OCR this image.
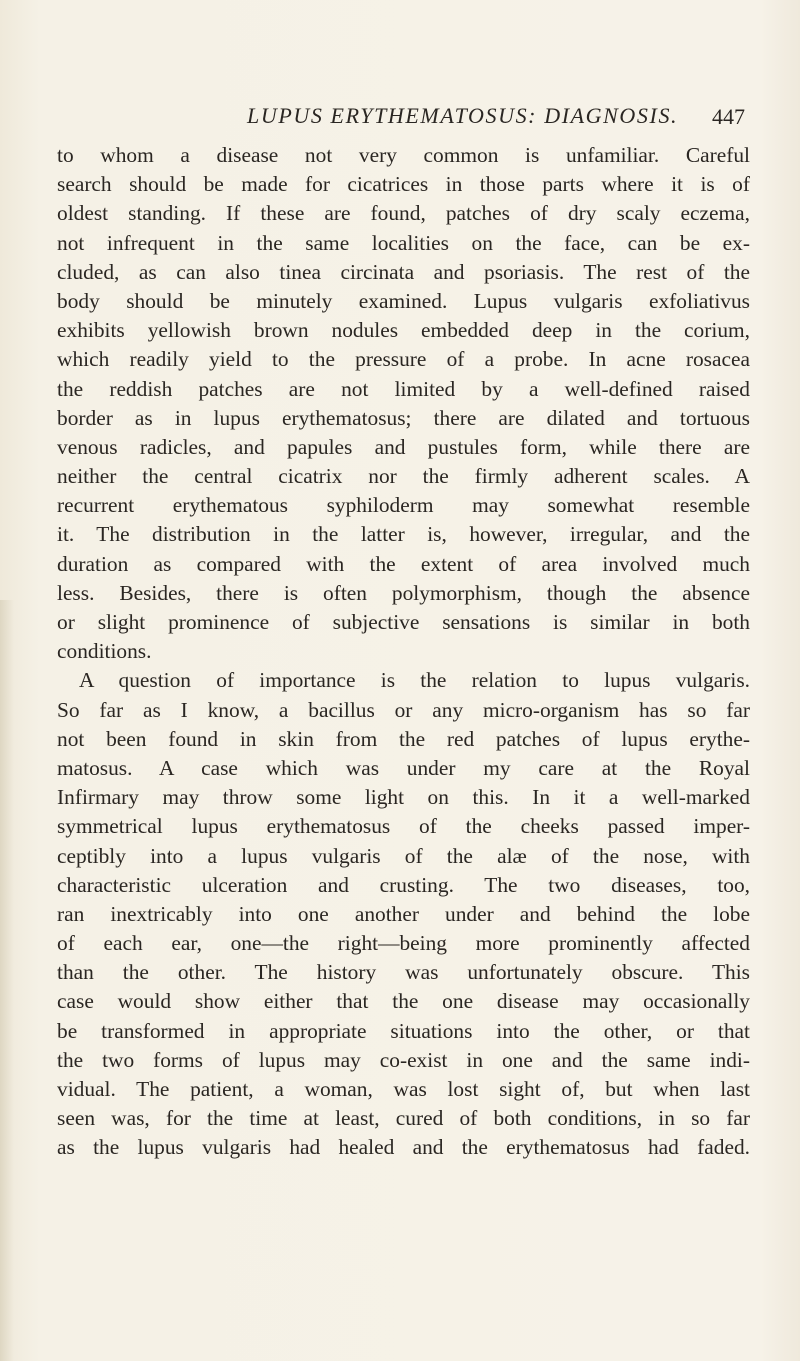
LUPUS ERYTHEMATOSUS: DIAGNOSIS. 447
to whom a disease not very common is unfamiliar. Careful
search should be made for cicatrices in those parts where it is of
oldest standing. If these are found, patches of dry scaly eczema,
not infrequent in the same localities on the face, can be ex-
cluded, as can also tinea circinata and psoriasis. The rest of the
body should be minutely examined. Lupus vulgaris exfoliativus
exhibits yellowish brown nodules embedded deep in the corium,
which readily yield to the pressure of a probe. In acne rosacea
the reddish patches are not limited by a well-defined raised
border as in lupus erythematosus; there are dilated and tortuous
venous radicles, and papules and pustules form, while there are
neither the central cicatrix nor the firmly adherent scales. A
recurrent erythematous syphiloderm may somewhat resemble
it. The distribution in the latter is, however, irregular, and the
duration as compared with the extent of area involved much
less. Besides, there is often polymorphism, though the absence
or slight prominence of subjective sensations is similar in both
conditions.
A question of importance is the relation to lupus vulgaris.
So far as I know, a bacillus or any micro-organism has so far
not been found in skin from the red patches of lupus erythe-
matosus. A case which was under my care at the Royal
Infirmary may throw some light on this. In it a well-marked
symmetrical lupus erythematosus of the cheeks passed imper-
ceptibly into a lupus vulgaris of the alæ of the nose, with
characteristic ulceration and crusting. The two diseases, too,
ran inextricably into one another under and behind the lobe
of each ear, one—the right—being more prominently affected
than the other. The history was unfortunately obscure. This
case would show either that the one disease may occasionally
be transformed in appropriate situations into the other, or that
the two forms of lupus may co-exist in one and the same indi-
vidual. The patient, a woman, was lost sight of, but when last
seen was, for the time at least, cured of both conditions, in so far
as the lupus vulgaris had healed and the erythematosus had faded.
